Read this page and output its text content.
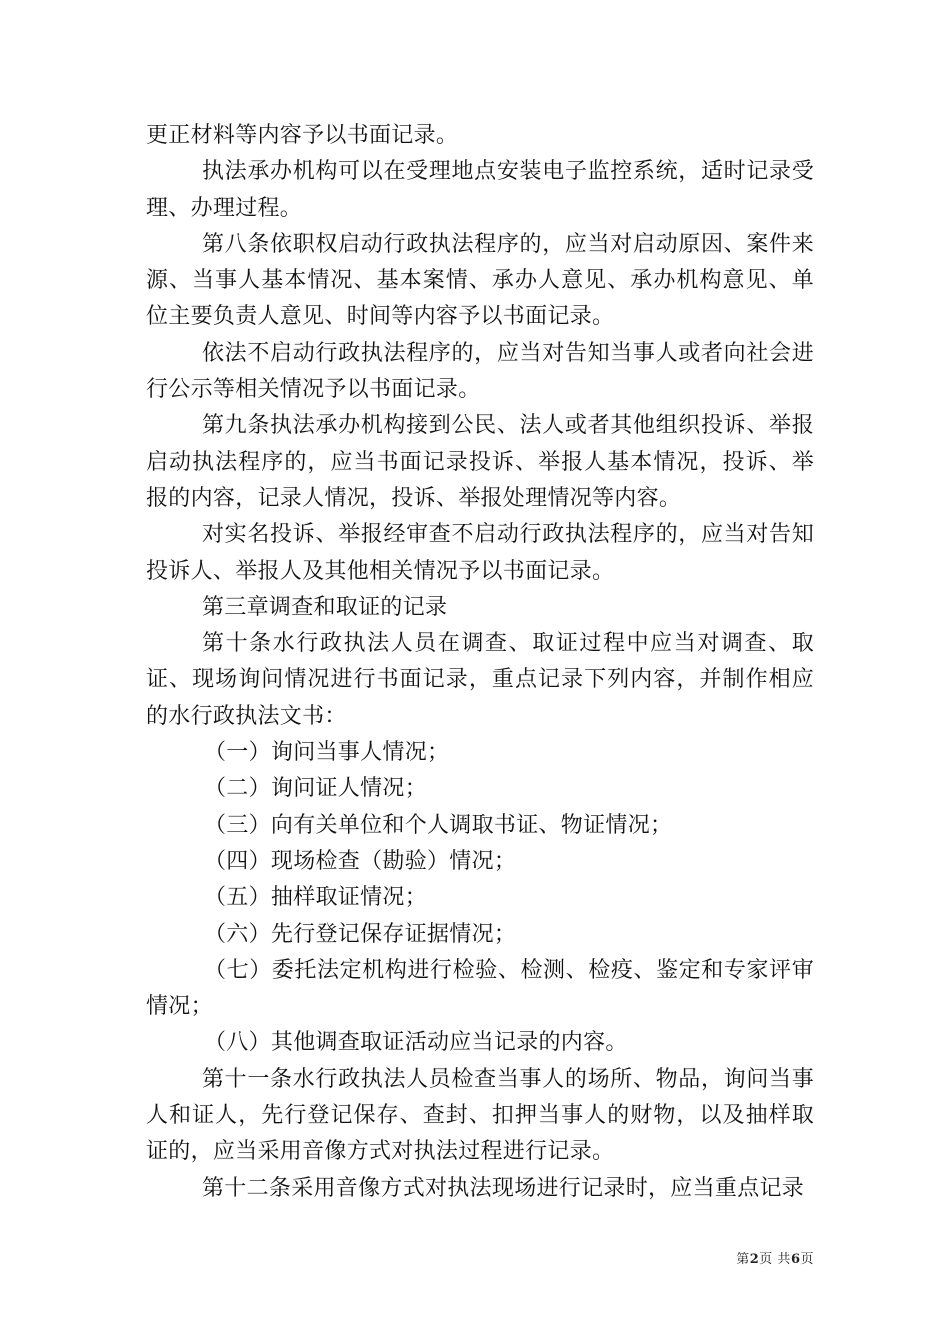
更正材料等内容予以书面记录。

执法承办机构可以在受理地点安装电子监控系统，适时记录受理、办理过程。

第八条依职权启动行政执法程序的，应当对启动原因、案件来源、当事人基本情况、基本案情、承办人意见、承办机构意见、单位主要负责人意见、时间等内容予以书面记录。

依法不启动行政执法程序的，应当对告知当事人或者向社会进行公示等相关情况予以书面记录。

第九条执法承办机构接到公民、法人或者其他组织投诉、举报启动执法程序的，应当书面记录投诉、举报人基本情况，投诉、举报的内容，记录人情况，投诉、举报处理情况等内容。

对实名投诉、举报经审查不启动行政执法程序的，应当对告知投诉人、举报人及其他相关情况予以书面记录。

第三章调查和取证的记录

第十条水行政执法人员在调查、取证过程中应当对调查、取证、现场询问情况进行书面记录，重点记录下列内容，并制作相应的水行政执法文书：

（一）询问当事人情况；

（二）询问证人情况；

（三）向有关单位和个人调取书证、物证情况；

（四）现场检查（勘验）情况；

（五）抽样取证情况；

（六）先行登记保存证据情况；

（七）委托法定机构进行检验、检测、检疫、鉴定和专家评审情况；

（八）其他调查取证活动应当记录的内容。

第十一条水行政执法人员检查当事人的场所、物品，询问当事人和证人，先行登记保存、查封、扣押当事人的财物，以及抽样取证的，应当采用音像方式对执法过程进行记录。

第十二条采用音像方式对执法现场进行记录时，应当重点记录

第2页 共6页
